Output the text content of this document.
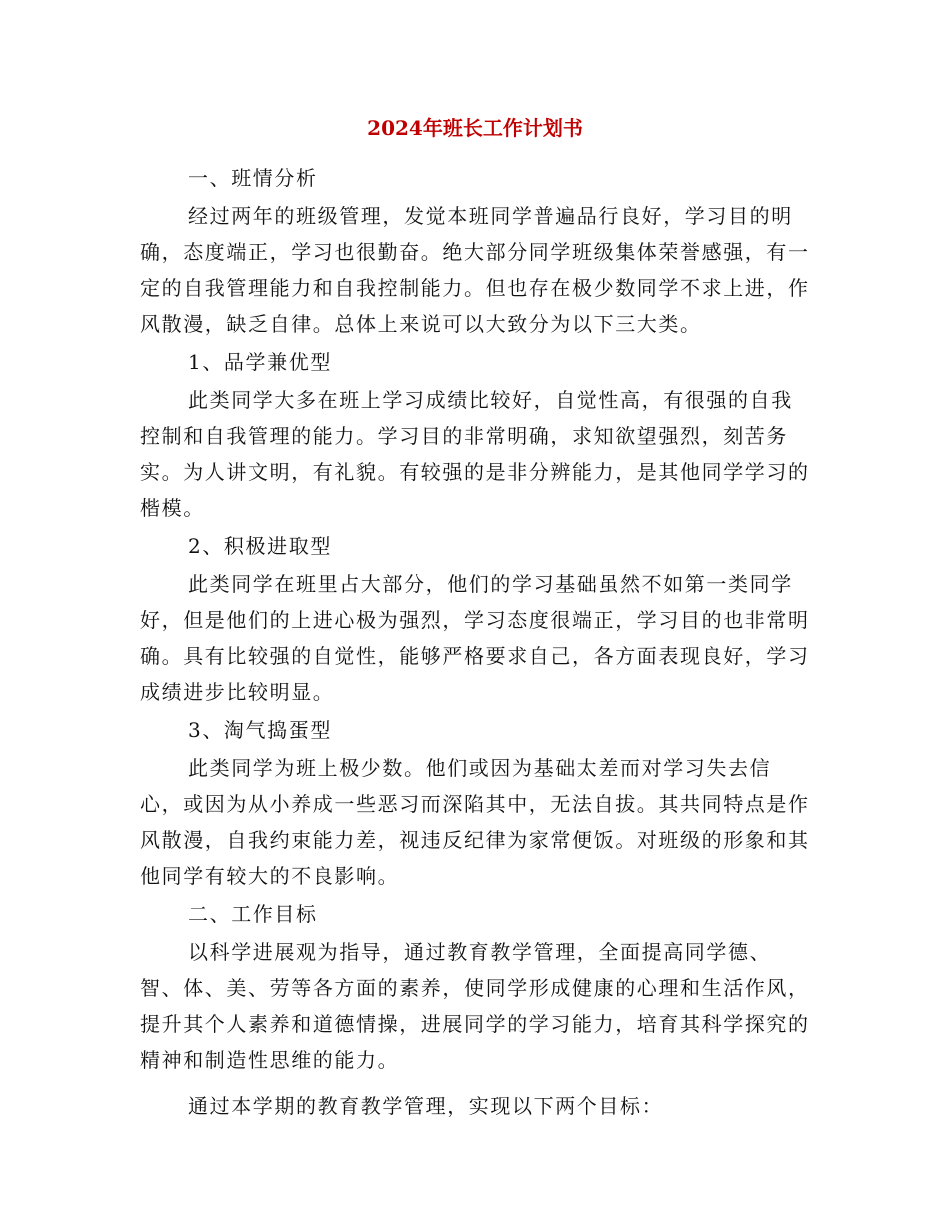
2024年班长工作计划书

一、班情分析

经过两年的班级管理，发觉本班同学普遍品行良好，学习目的明确，态度端正，学习也很勤奋。绝大部分同学班级集体荣誉感强，有一定的自我管理能力和自我控制能力。但也存在极少数同学不求上进，作风散漫，缺乏自律。总体上来说可以大致分为以下三大类。

1、品学兼优型

此类同学大多在班上学习成绩比较好，自觉性高，有很强的自我控制和自我管理的能力。学习目的非常明确，求知欲望强烈，刻苦务实。为人讲文明，有礼貌。有较强的是非分辨能力，是其他同学学习的楷模。

2、积极进取型

此类同学在班里占大部分，他们的学习基础虽然不如第一类同学好，但是他们的上进心极为强烈，学习态度很端正，学习目的也非常明确。具有比较强的自觉性，能够严格要求自己，各方面表现良好，学习成绩进步比较明显。

3、淘气捣蛋型

此类同学为班上极少数。他们或因为基础太差而对学习失去信心，或因为从小养成一些恶习而深陷其中，无法自拔。其共同特点是作风散漫，自我约束能力差，视违反纪律为家常便饭。对班级的形象和其他同学有较大的不良影响。

二、工作目标

以科学进展观为指导，通过教育教学管理，全面提高同学德、智、体、美、劳等各方面的素养，使同学形成健康的心理和生活作风，提升其个人素养和道德情操，进展同学的学习能力，培育其科学探究的精神和制造性思维的能力。

通过本学期的教育教学管理，实现以下两个目标：
